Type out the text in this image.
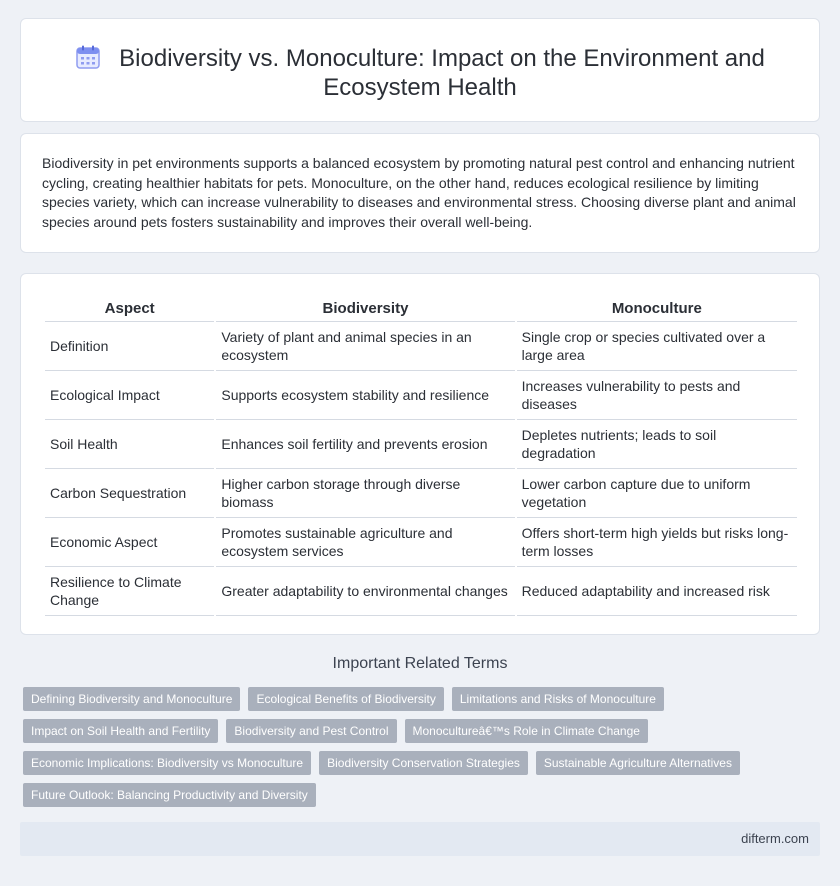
Biodiversity vs. Monoculture: Impact on the Environment and Ecosystem Health

Biodiversity in pet environments supports a balanced ecosystem by promoting natural pest control and enhancing nutrient cycling, creating healthier habitats for pets. Monoculture, on the other hand, reduces ecological resilience by limiting species variety, which can increase vulnerability to diseases and environmental stress. Choosing diverse plant and animal species around pets fosters sustainability and improves their overall well-being.

Aspect	Biodiversity	Monoculture
Definition	Variety of plant and animal species in an ecosystem	Single crop or species cultivated over a large area
Ecological Impact	Supports ecosystem stability and resilience	Increases vulnerability to pests and diseases
Soil Health	Enhances soil fertility and prevents erosion	Depletes nutrients; leads to soil degradation
Carbon Sequestration	Higher carbon storage through diverse biomass	Lower carbon capture due to uniform vegetation
Economic Aspect	Promotes sustainable agriculture and ecosystem services	Offers short-term high yields but risks long-term losses
Resilience to Climate Change	Greater adaptability to environmental changes	Reduced adaptability and increased risk
Important Related Terms
Defining Biodiversity and Monoculture	Ecological Benefits of Biodiversity	Limitations and Risks of Monoculture
Impact on Soil Health and Fertility	Biodiversity and Pest Control	Monocultureâ€™s Role in Climate Change
Economic Implications: Biodiversity vs Monoculture	Biodiversity Conservation Strategies	Sustainable Agriculture Alternatives
Future Outlook: Balancing Productivity and Diversity
difterm.com
